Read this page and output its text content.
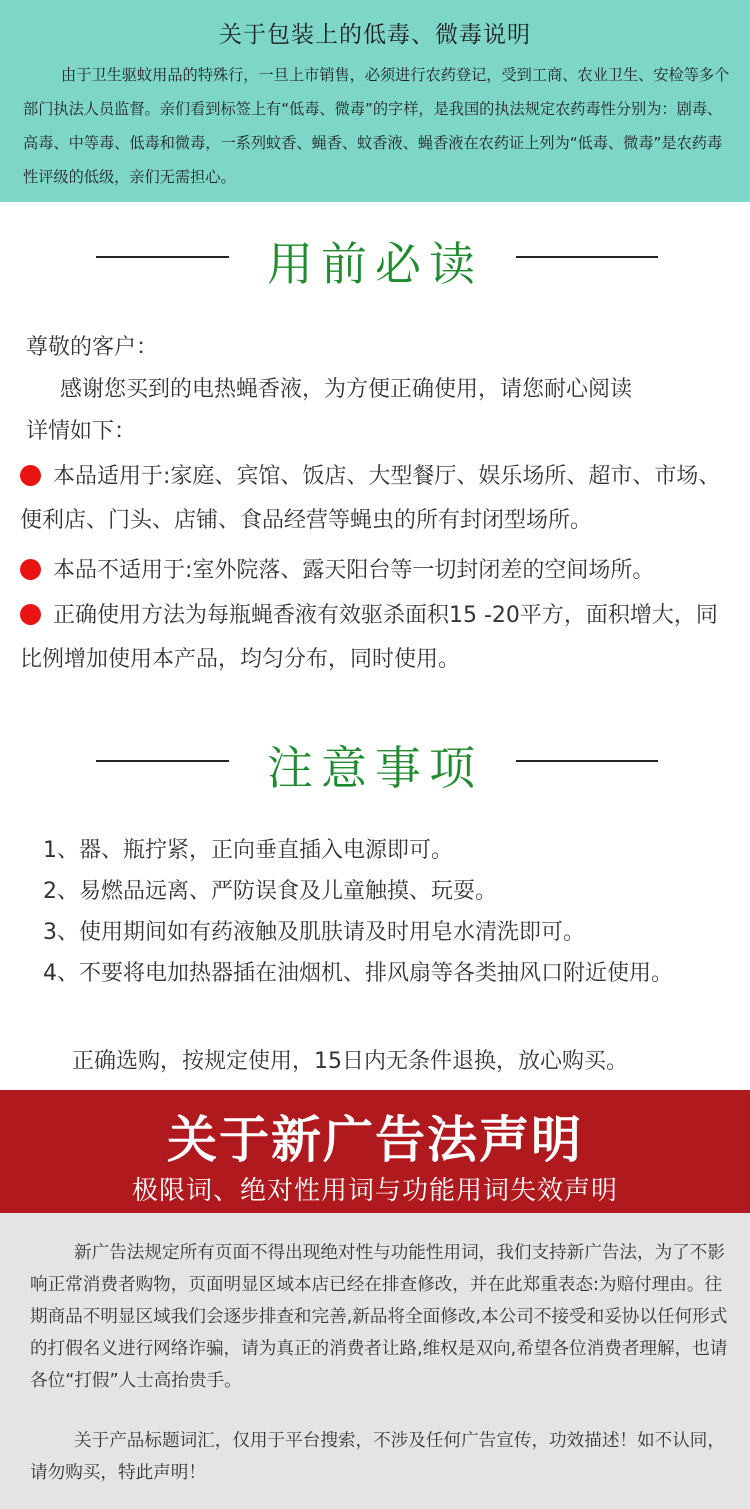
关于包装上的低毒、微毒说明
由于卫生驱蚊用品的特殊行，一旦上市销售，必须进行农药登记，受到工商、农业卫生、安检等多个部门执法人员监督。亲们看到标签上有“低毒、微毒”的字样，是我国的执法规定农药毒性分别为：剧毒、高毒、中等毒、低毒和微毒，一系列蚊香、蝇香、蚊香液、蝇香液在农药证上列为“低毒、微毒”是农药毒性评级的低级，亲们无需担心。
用前必读
尊敬的客户：
感谢您买到的电热蝇香液，为方便正确使用，请您耐心阅读
详情如下：
本品适用于:家庭、宾馆、饭店、大型餐厅、娱乐场所、超市、市场、便利店、门头、店铺、食品经营等蝇虫的所有封闭型场所。
本品不适用于:室外院落、露天阳台等一切封闭差的空间场所。
正确使用方法为每瓶蝇香液有效驱杀面积15 -20平方，面积增大，同比例增加使用本产品，均匀分布，同时使用。
注意事项
1、器、瓶拧紧，正向垂直插入电源即可。
2、易燃品远离、严防误食及儿童触摸、玩耍。
3、使用期间如有药液触及肌肤请及时用皂水清洗即可。
4、不要将电加热器插在油烟机、排风扇等各类抽风口附近使用。
正确选购，按规定使用，15日内无条件退换，放心购买。
关于新广告法声明
极限词、绝对性用词与功能用词失效声明
新广告法规定所有页面不得出现绝对性与功能性用词，我们支持新广告法，为了不影响正常消费者购物，页面明显区域本店已经在排查修改，并在此郑重表态:为赔付理由。往期商品不明显区域我们会逐步排查和完善,新品将全面修改,本公司不接受和妥协以任何形式的打假名义进行网络诈骗，请为真正的消费者让路,维权是双向,希望各位消费者理解，也请各位“打假”人士高抬贵手。
关于产品标题词汇，仅用于平台搜索，不涉及任何广告宣传，功效描述！如不认同，请勿购买，特此声明！
